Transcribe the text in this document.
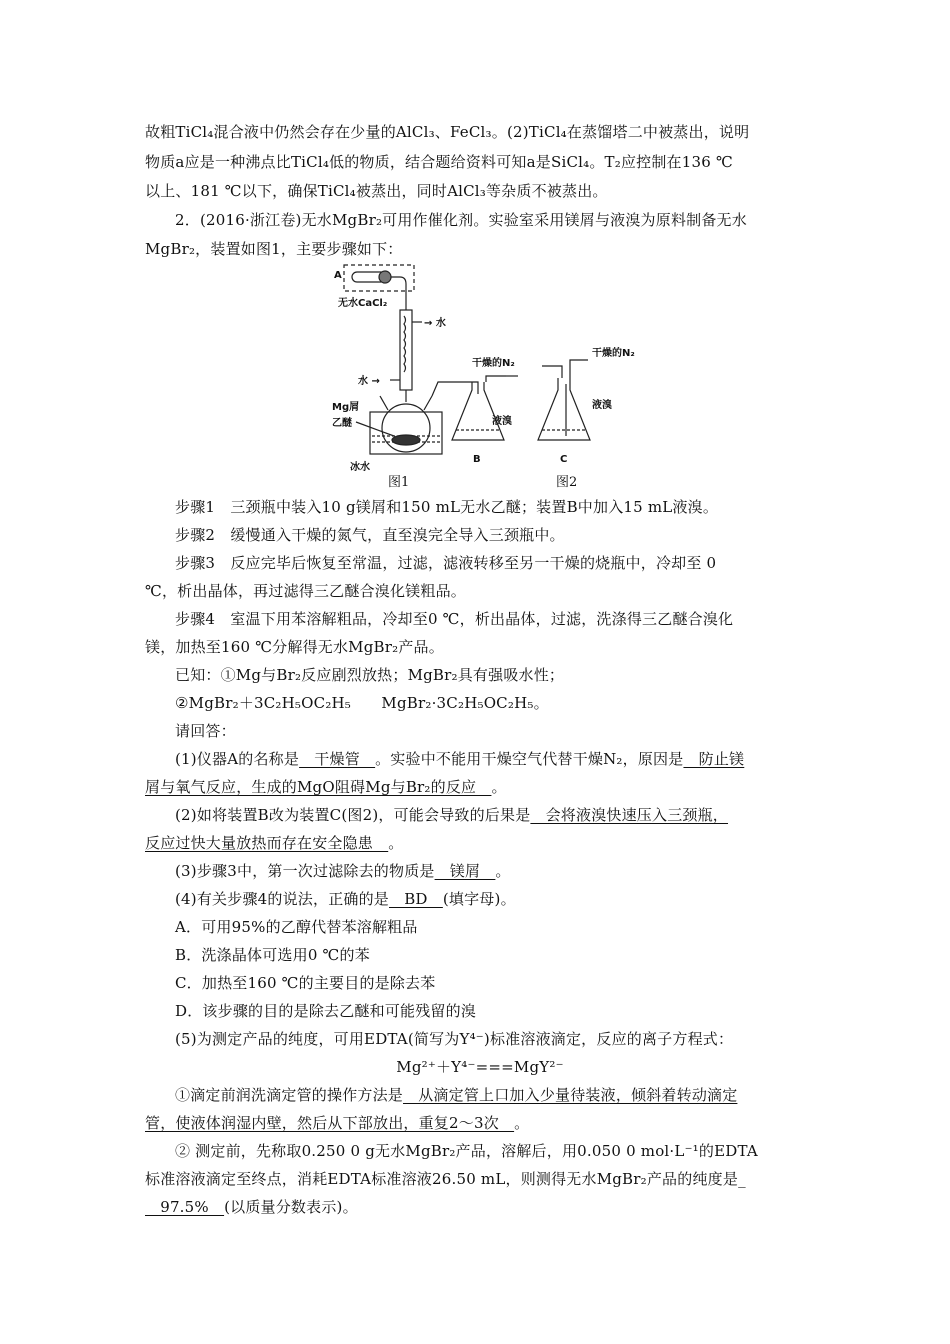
故粗TiCl₄混合液中仍然会存在少量的AlCl₃、FeCl₃。(2)TiCl₄在蒸馏塔二中被蒸出，说明
物质a应是一种沸点比TiCl₄低的物质，结合题给资料可知a是SiCl₄。T₂应控制在136 ℃
以上、181 ℃以下，确保TiCl₄被蒸出，同时AlCl₃等杂质不被蒸出。
2．(2016·浙江卷)无水MgBr₂可用作催化剂。实验室采用镁屑与液溴为原料制备无水
MgBr₂，装置如图1，主要步骤如下：
A
无水CaCl₂
→ 水
水 →
Mg屑
乙醚
冰水
干燥的N₂
液溴
B
干燥的N₂
液溴
C
图1	图2
步骤1　三颈瓶中装入10 g镁屑和150 mL无水乙醚；装置B中加入15 mL液溴。
步骤2　缓慢通入干燥的氮气，直至溴完全导入三颈瓶中。
步骤3　反应完毕后恢复至常温，过滤，滤液转移至另一干燥的烧瓶中，冷却至 0
℃，析出晶体，再过滤得三乙醚合溴化镁粗品。
步骤4　室温下用苯溶解粗品，冷却至0 ℃，析出晶体，过滤，洗涤得三乙醚合溴化
镁，加热至160 ℃分解得无水MgBr₂产品。
已知：①Mg与Br₂反应剧烈放热；MgBr₂具有强吸水性；
②MgBr₂＋3C₂H₅OC₂H₅　　MgBr₂·3C₂H₅OC₂H₅。
请回答：
(1)仪器A的名称是　干燥管　。实验中不能用干燥空气代替干燥N₂，原因是　防止镁
屑与氧气反应，生成的MgO阻碍Mg与Br₂的反应　。
(2)如将装置B改为装置C(图2)，可能会导致的后果是　会将液溴快速压入三颈瓶，
反应过快大量放热而存在安全隐患　。
(3)步骤3中，第一次过滤除去的物质是　镁屑　。
(4)有关步骤4的说法，正确的是　BD　(填字母)。
A．可用95%的乙醇代替苯溶解粗品
B．洗涤晶体可选用0 ℃的苯
C．加热至160 ℃的主要目的是除去苯
D．该步骤的目的是除去乙醚和可能残留的溴
(5)为测定产品的纯度，可用EDTA(简写为Y⁴⁻)标准溶液滴定，反应的离子方程式：
Mg²⁺＋Y⁴⁻===MgY²⁻
①滴定前润洗滴定管的操作方法是　从滴定管上口加入少量待装液，倾斜着转动滴定
管，使液体润湿内壁，然后从下部放出，重复2～3次　。
② 测定前，先称取0.250 0 g无水MgBr₂产品，溶解后，用0.050 0 mol·L⁻¹的EDTA
标准溶液滴定至终点，消耗EDTA标准溶液26.50 mL，则测得无水MgBr₂产品的纯度是_
　97.5%　(以质量分数表示)。
